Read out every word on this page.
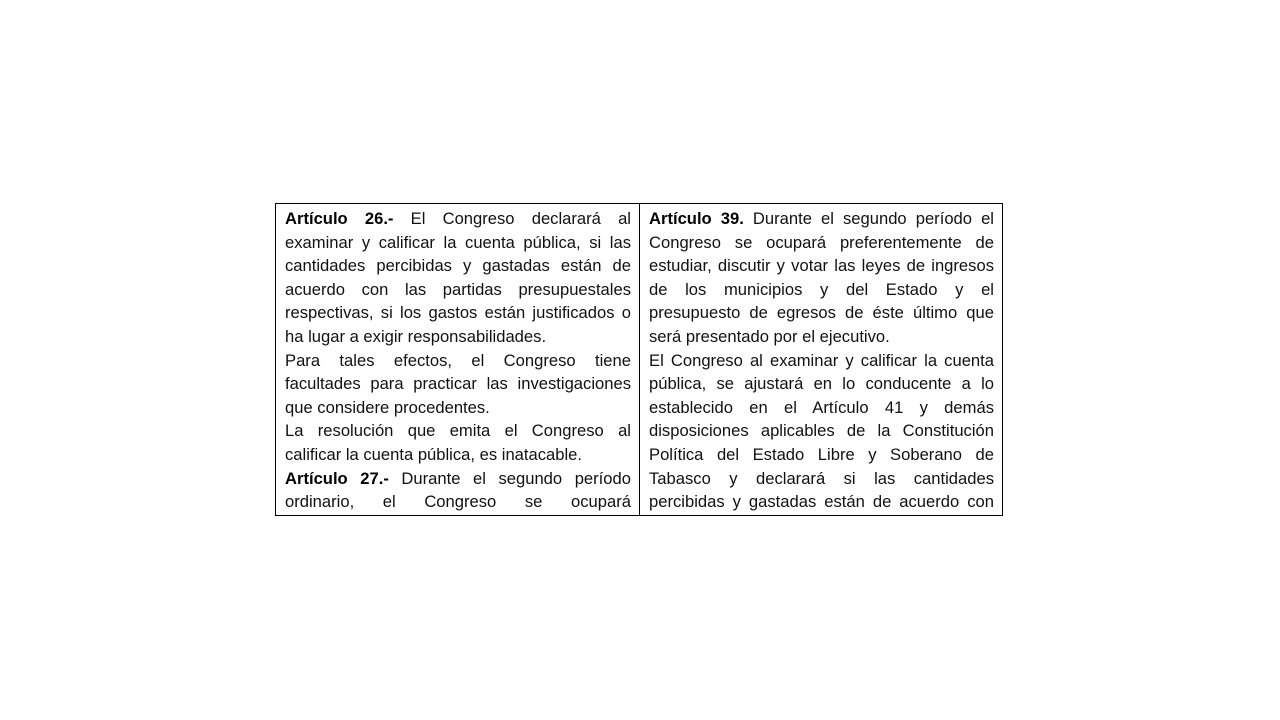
Artículo 26.- El Congreso declarará al examinar y calificar la cuenta pública, si las cantidades percibidas y gastadas están de acuerdo con las partidas presupuestales respectivas, si los gastos están justificados o ha lugar a exigir responsabilidades.

Para tales efectos, el Congreso tiene facultades para practicar las investigaciones que considere procedentes.

La resolución que emita el Congreso al calificar la cuenta pública, es inatacable.

Artículo 27.- Durante el segundo período ordinario, el Congreso se ocupará

Artículo 39. Durante el segundo período el Congreso se ocupará preferentemente de estudiar, discutir y votar las leyes de ingresos de los municipios y del Estado y el presupuesto de egresos de éste último que será presentado por el ejecutivo.

El Congreso al examinar y calificar la cuenta pública, se ajustará en lo conducente a lo establecido en el Artículo 41 y demás disposiciones aplicables de la Constitución Política del Estado Libre y Soberano de Tabasco y declarará si las cantidades percibidas y gastadas están de acuerdo con
